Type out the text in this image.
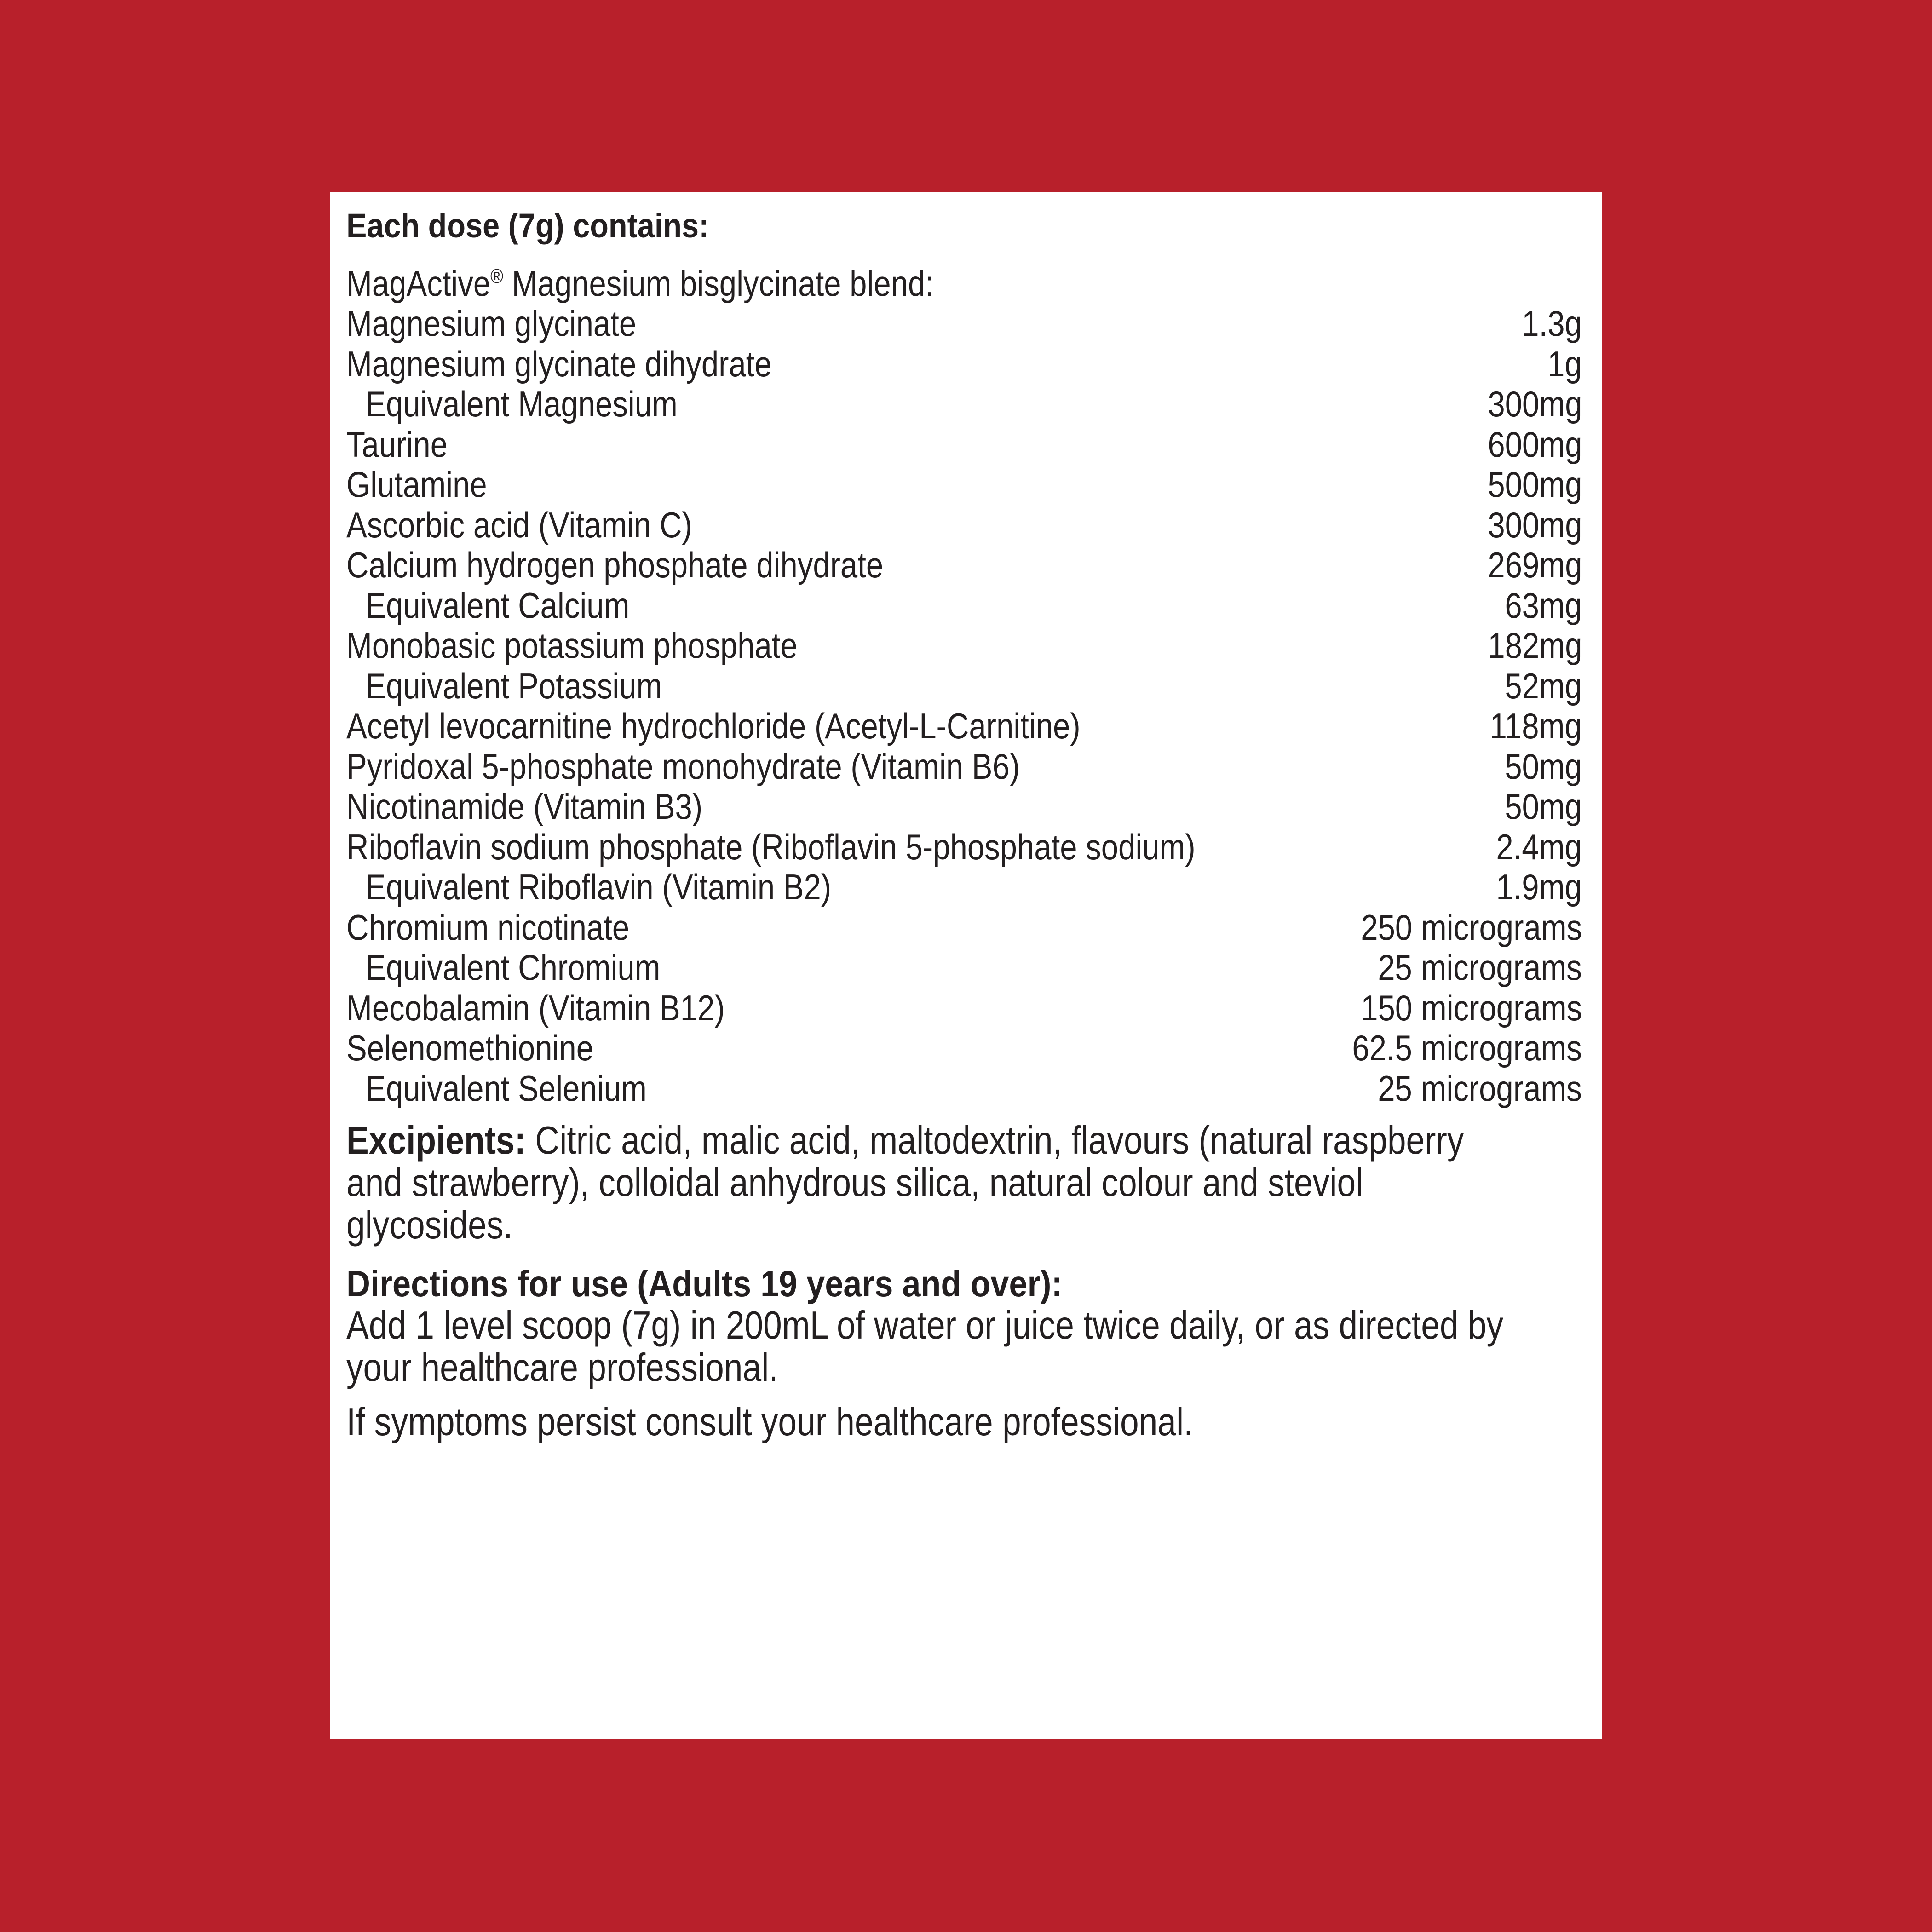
Each dose (7g) contains:
MagActive® Magnesium bisglycinate blend:
Magnesium glycinate	1.3g
Magnesium glycinate dihydrate	1g
Equivalent Magnesium	300mg
Taurine	600mg
Glutamine	500mg
Ascorbic acid (Vitamin C)	300mg
Calcium hydrogen phosphate dihydrate	269mg
Equivalent Calcium	63mg
Monobasic potassium phosphate	182mg
Equivalent Potassium	52mg
Acetyl levocarnitine hydrochloride (Acetyl-L-Carnitine)	118mg
Pyridoxal 5-phosphate monohydrate (Vitamin B6)	50mg
Nicotinamide (Vitamin B3)	50mg
Riboflavin sodium phosphate (Riboflavin 5-phosphate sodium)	2.4mg
Equivalent Riboflavin (Vitamin B2)	1.9mg
Chromium nicotinate	250 micrograms
Equivalent Chromium	25 micrograms
Mecobalamin (Vitamin B12)	150 micrograms
Selenomethionine	62.5 micrograms
Equivalent Selenium	25 micrograms
Excipients: Citric acid, malic acid, maltodextrin, flavours (natural raspberry and strawberry), colloidal anhydrous silica, natural colour and steviol glycosides.
Directions for use (Adults 19 years and over):
Add 1 level scoop (7g) in 200mL of water or juice twice daily, or as directed by your healthcare professional.
If symptoms persist consult your healthcare professional.
